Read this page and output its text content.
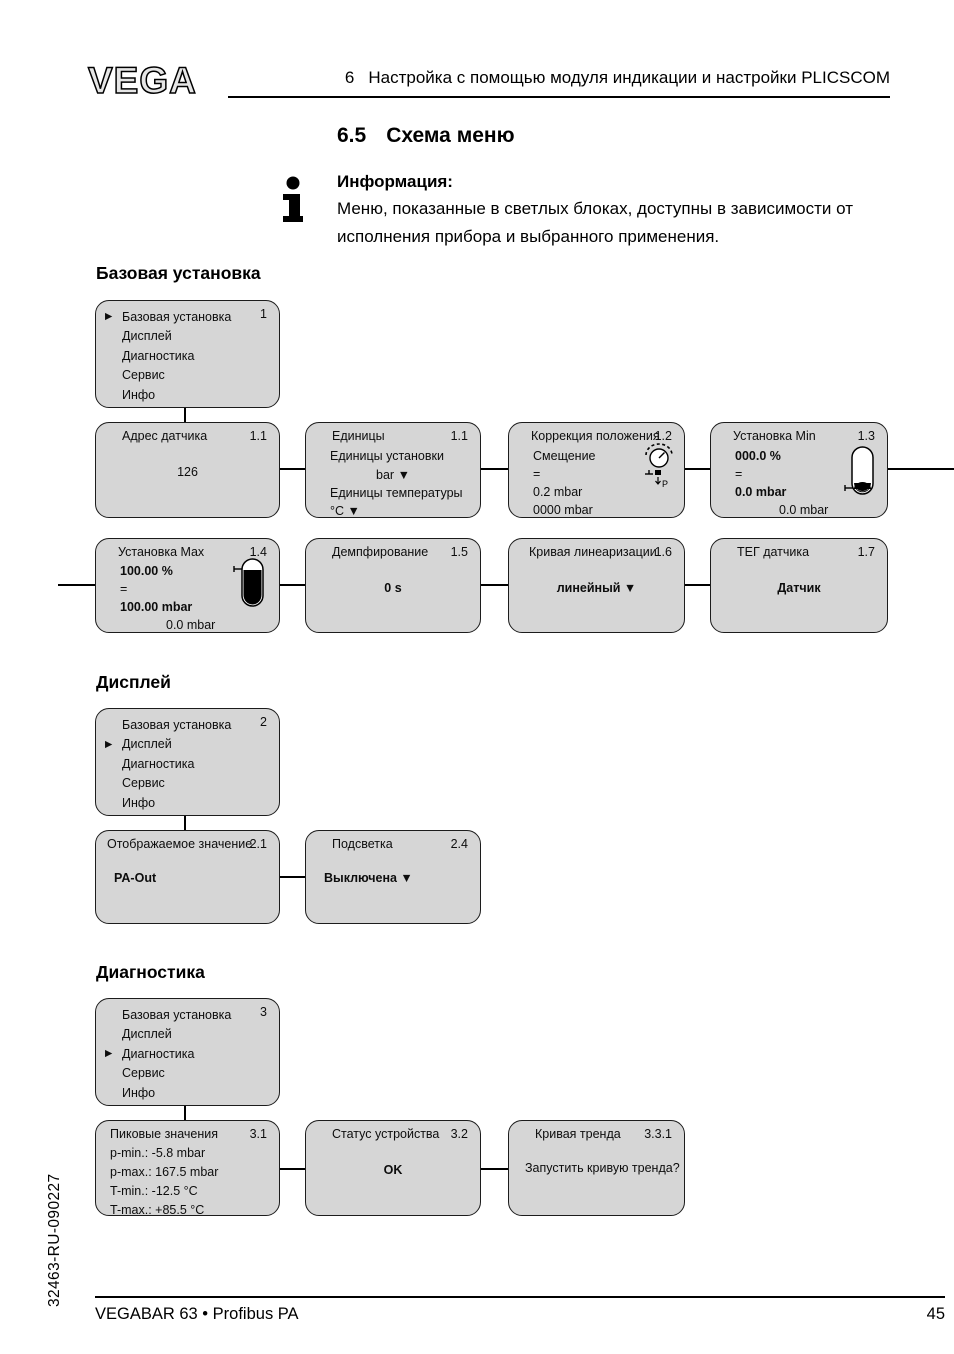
VEGA	6 Настройка с помощью модуля индикации и настройки PLICSCOM
6.5 Схема меню
Информация:
Меню, показанные в светлых блоках, доступны в зависимости от
исполнения прибора и выбранного применения.
Базовая установка
1
▶ Базовая установка
Дисплей
Диагностика
Сервис
Инфо
Адрес датчика	1.1
126
Единицы	1.1
Единицы установки
bar ▼
Единицы температуры
°C ▼
Коррекция положения
1.2
Смещение
=
0.2 mbar
0000 mbar
P
Установка Min	1.3
000.0 %
=
0.0 mbar
0.0 mbar
Установка Max	1.4
100.00 %
=
100.00 mbar
0.0 mbar
Демпфирование	1.5
0 s
Кривая линеаризации
1.6
линейный ▼
ТЕГ датчика	1.7
Датчик
Дисплей
2
Базовая установка
▶ Дисплей
Диагностика
Сервис
Инфо
Отображаемое значение
2.1
PA-Out
Подсветка	2.4
Выключена ▼
Диагностика
3
Базовая установка
Дисплей
▶ Диагностика
Сервис
Инфо
Пиковые значения	3.1
p-min.: -5.8 mbar
p-max.: 167.5 mbar
T-min.: -12.5 °C
T-max.: +85.5 °C
Статус устройства 3.2
OK
Кривая тренда	3.3.1
Запустить кривую тренда?
32463-RU-090227
VEGABAR 63 • Profibus PA	45
